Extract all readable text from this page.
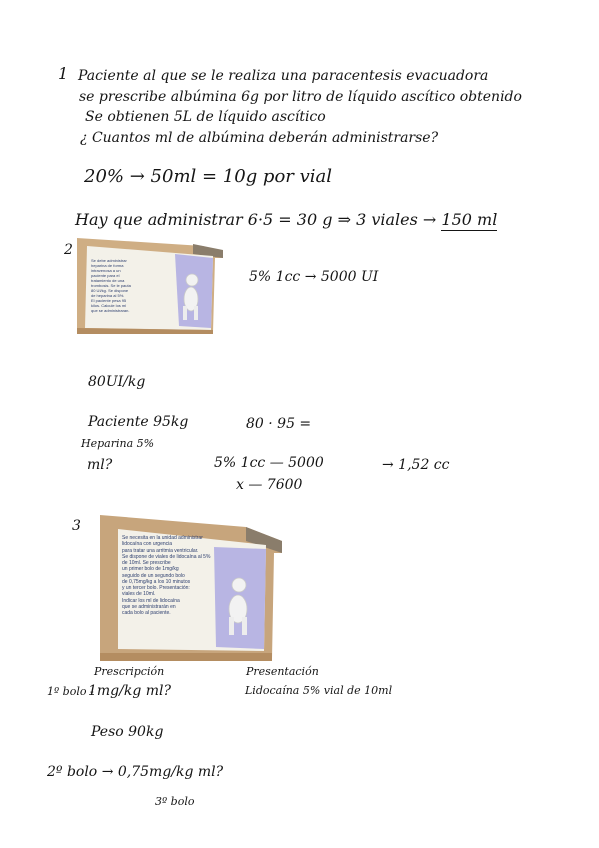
1 Paciente al que se le realiza una paracentesis evacuadora
se prescribe albúmina 6g por litro de líquido ascítico obtenido
Se obtienen 5L de líquido ascítico
¿ Cuantos ml de albúmina deberán administrarse?
20% → 50ml = 10g por vial
Hay que administrar 6·5 = 30 g ⇒ 3 viales → 150 ml
2
Se debe administrar
heparina de forma
intravenosa a un
paciente para el
tratamiento de una
trombosis. Se le pauta
80 UI/kg. Se dispone
de heparina al 5%.
El paciente pesa 95
kilos. Calcule los ml
que se administraran.
5% 1cc → 5000 UI
80UI/kg
Paciente 95kg	80 · 95 =
Heparina 5%
ml?	5% 1cc — 5000
x — 7600
→ 1,52 cc
3
Se necesita en la unidad administrar
lidocaína con urgencia
para tratar una arritmia ventricular.
Se dispone de viales de lidocaína al 5%
de 10ml. Se prescribe
un primer bolo de 1mg/kg
seguido de un segundo bolo
de 0,75mg/kg a los 10 minutos
y un tercer bolo. Presentación:
viales de 10ml.
Indicar los ml de lidocaína
que se administrarán en
cada bolo al paciente.
Prescripción	Presentación
1º bolo -
1mg/kg ml?	Lidocaína 5% vial de 10ml
Peso 90kg
2º bolo → 0,75mg/kg ml?
3º bolo
